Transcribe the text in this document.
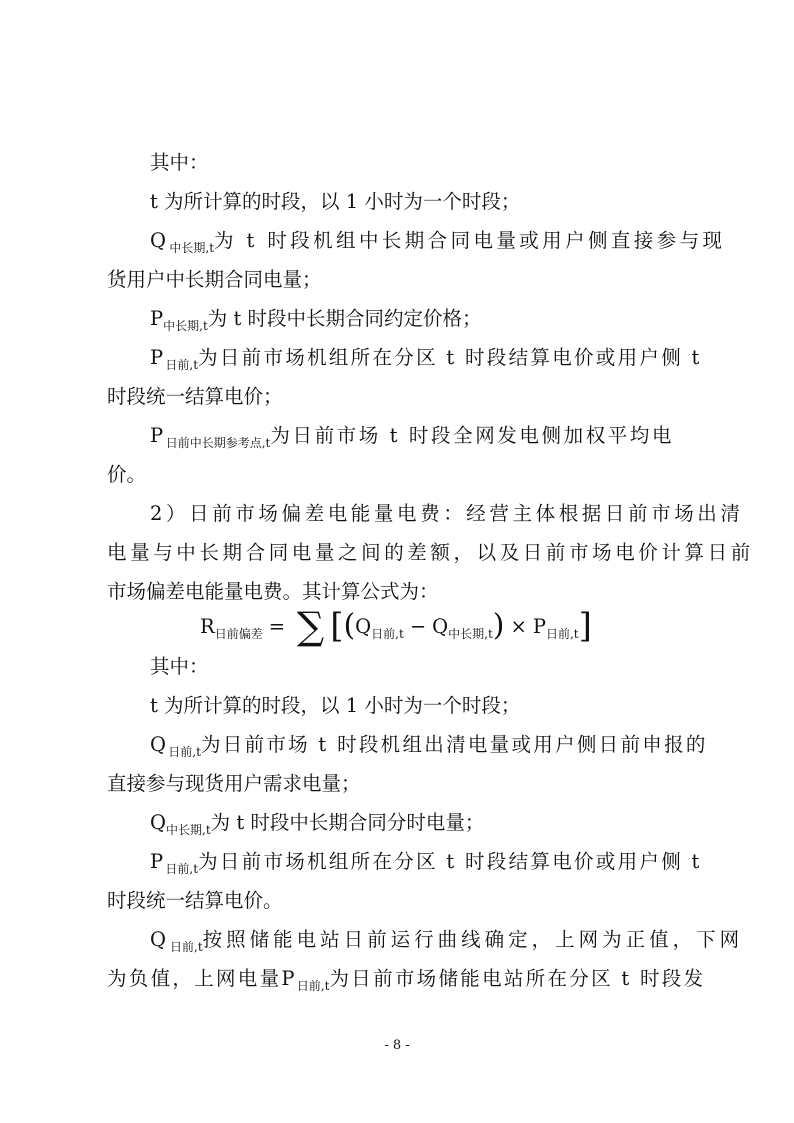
其中：
t 为所计算的时段，以 1 小时为一个时段；
$Q_{中长期,t}$为 t 时段机组中长期合同电量或用户侧直接参与现
货用户中长期合同电量；
$P_{中长期,t}$为 t 时段中长期合同约定价格；
$P_{日前,t}$为日前市场机组所在分区 t 时段结算电价或用户侧 t
时段统一结算电价；
$P_{日前中长期参考点,t}$为日前市场 t 时段全网发电侧加权平均电
价。
2）日前市场偏差电能量电费：经营主体根据日前市场出清
电量与中长期合同电量之间的差额，以及日前市场电价计算日前
市场偏差电能量电费。其计算公式为：
$R_{日前偏差}$ = ∑ [ ( $Q_{日前,t} - Q_{中长期,t}$ ) × $P_{日前,t}$ ]
其中：
t 为所计算的时段，以 1 小时为一个时段；
$Q_{日前,t}$为日前市场 t 时段机组出清电量或用户侧日前申报的
直接参与现货用户需求电量；
$Q_{中长期,t}$为 t 时段中长期合同分时电量；
$P_{日前,t}$为日前市场机组所在分区 t 时段结算电价或用户侧 t
时段统一结算电价。
$Q_{日前,t}$按照储能电站日前运行曲线确定，上网为正值，下网
为负值，上网电量$P_{日前,t}$为日前市场储能电站所在分区 t 时段发
- 8 -
